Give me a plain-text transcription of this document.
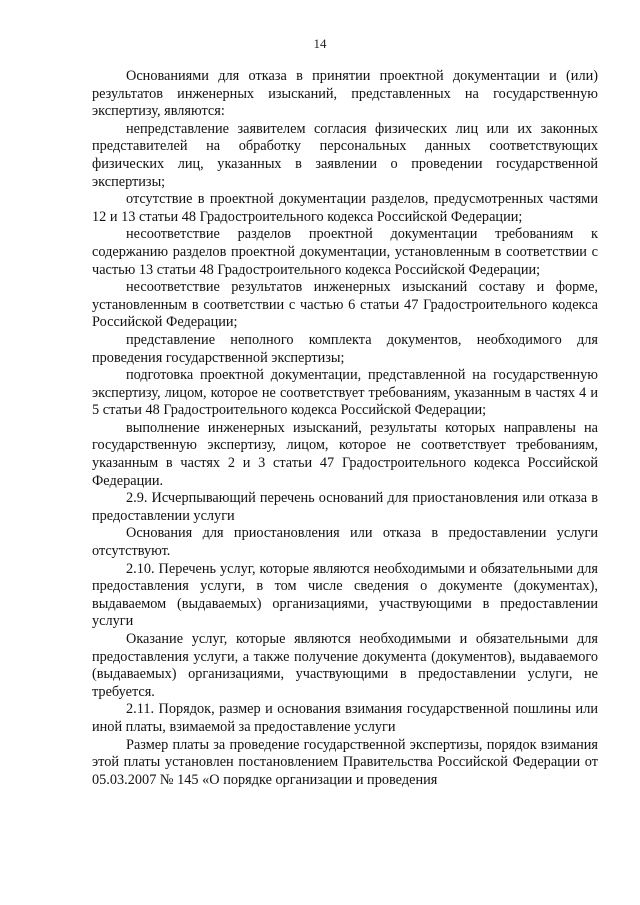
14

Основаниями для отказа в принятии проектной документации и (или) результатов инженерных изысканий, представленных на государственную экспертизу, являются:

непредставление заявителем согласия физических лиц или их законных представителей на обработку персональных данных соответствующих физических лиц, указанных в заявлении о проведении государственной экспертизы;

отсутствие в проектной документации разделов, предусмотренных частями 12 и 13 статьи 48 Градостроительного кодекса Российской Федерации;

несоответствие разделов проектной документации требованиям к содержанию разделов проектной документации, установленным в соответствии с частью 13 статьи 48 Градостроительного кодекса Российской Федерации;

несоответствие результатов инженерных изысканий составу и форме, установленным в соответствии с частью 6 статьи 47 Градостроительного кодекса Российской Федерации;

представление неполного комплекта документов, необходимого для проведения государственной экспертизы;

подготовка проектной документации, представленной на государственную экспертизу, лицом, которое не соответствует требованиям, указанным в частях 4 и 5 статьи 48 Градостроительного кодекса Российской Федерации;

выполнение инженерных изысканий, результаты которых направлены на государственную экспертизу, лицом, которое не соответствует требованиям, указанным в частях 2 и 3 статьи 47 Градостроительного кодекса Российской Федерации.

2.9. Исчерпывающий перечень оснований для приостановления или отказа в предоставлении услуги

Основания для приостановления или отказа в предоставлении услуги отсутствуют.

2.10. Перечень услуг, которые являются необходимыми и обязательными для предоставления услуги, в том числе сведения о документе (документах), выдаваемом (выдаваемых) организациями, участвующими в предоставлении услуги

Оказание услуг, которые являются необходимыми и обязательными для предоставления услуги, а также получение документа (документов), выдаваемого (выдаваемых) организациями, участвующими в предоставлении услуги, не требуется.

2.11. Порядок, размер и основания взимания государственной пошлины или иной платы, взимаемой за предоставление услуги

Размер платы за проведение государственной экспертизы, порядок взимания этой платы установлен постановлением Правительства Российской Федерации от 05.03.2007 № 145 «О порядке организации и проведения
